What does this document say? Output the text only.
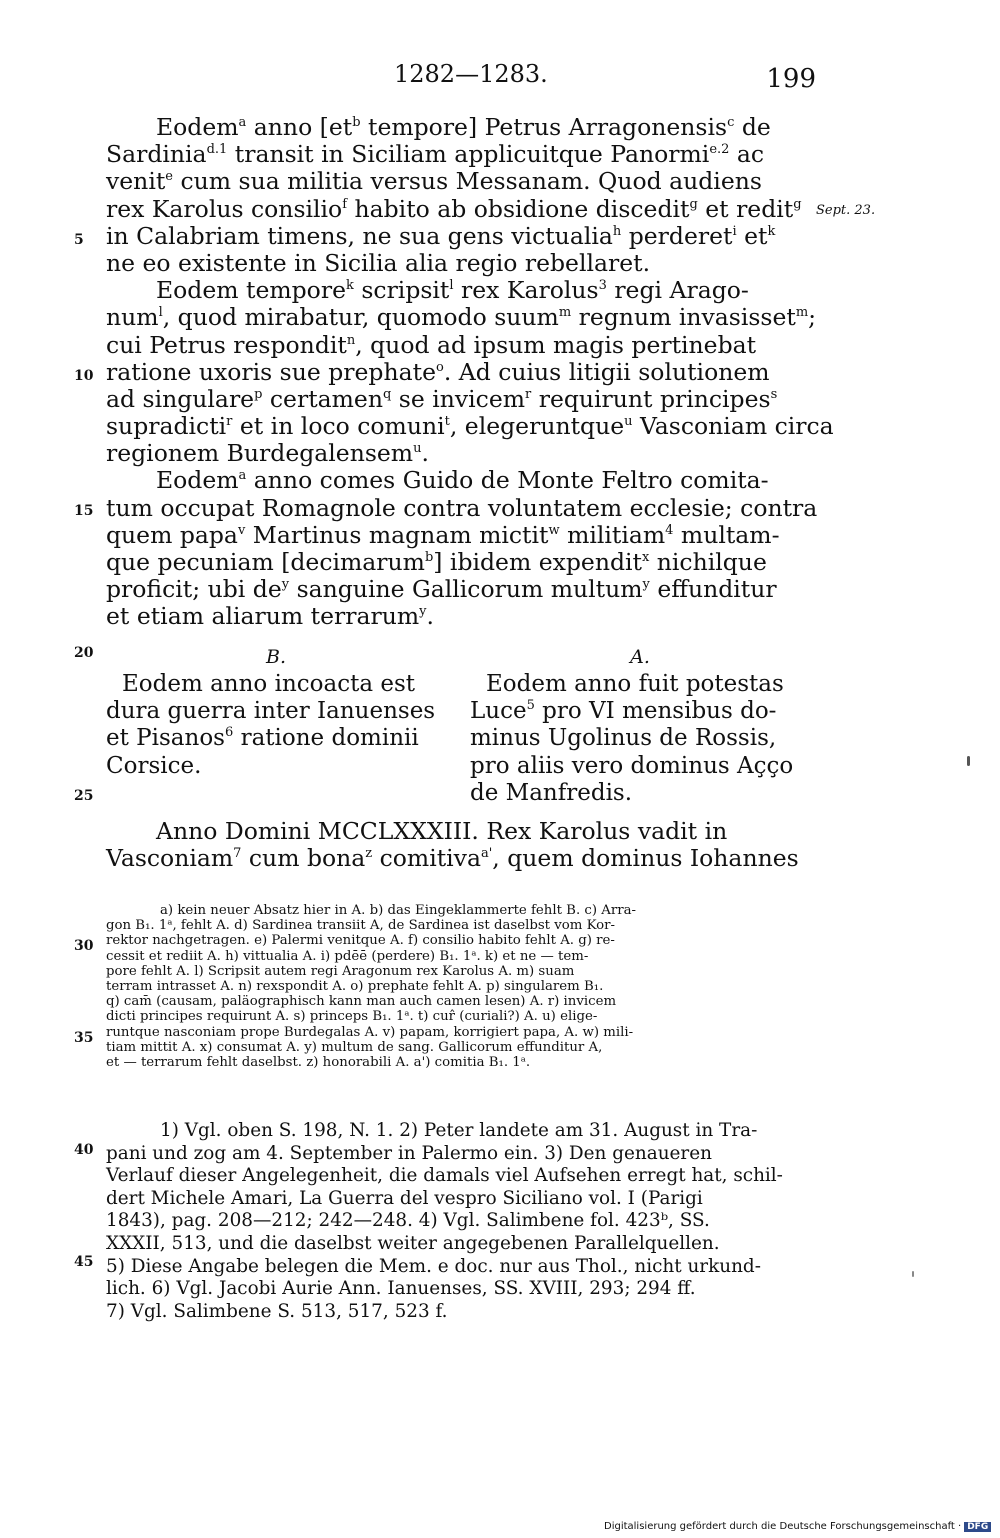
1282—1283.	199
Sept. 23.
5
10
15
20
25
30
35
40
45
Eodem$^a$ anno [$et^b$ tempore] Petrus Arragonensis$^c$ de
Sardinia$^{d.1}$ transit in Siciliam applicuitque Panormi$^{e.2}$ ac
venit$^e$ cum sua militia versus Messanam. Quod audiens
rex Karolus consilio$^f$ habito ab obsidione discedit$^g$ et redit$^g$
in Calabriam timens, ne sua gens victualia$^h$ perderet$^i$ $et^k$
ne eo existente in Sicilia alia regio rebellaret.
Eodem tempore$^k$ scripsit$^l$ rex Karolus$^3$ regi Arago-
num$^l$, quod mirabatur, quomodo suum$^m$ regnum invasisset$^m$;
cui Petrus respondit$^n$, quod ad ipsum magis pertinebat
ratione uxoris sue prephate$^o$. Ad cuius litigii solutionem
ad singulare$^p$ certamen$^q$ se invicem$^r$ requirunt principes$^s$
supradicti$^r$ et in loco comuni$^t$, elegeruntque$^u$ Vasconiam circa
regionem Burdegalensem$^u$.
Eodem$^a$ anno comes Guido de Monte Feltro comita-
tum occupat Romagnole contra voluntatem ecclesie; contra
quem papa$^v$ Martinus magnam mictit$^w$ militiam$^4$ multam-
que pecuniam [decimarum$^b$] ibidem expendit$^x$ nichilque
proficit; ubi $de^y$ sanguine Gallicorum multum$^y$ effunditur
et etiam aliarum terrarum$^y$.
B.
Eodem anno incoacta est
dura guerra inter Ianuenses
et Pisanos$^6$ ratione dominii
Corsice.
A.
Eodem anno fuit potestas
Luce$^5$ pro VI mensibus do-
minus Ugolinus de Rossis,
pro aliis vero dominus Açço
de Manfredis.
Anno Domini MCCLXXXIII. Rex Karolus vadit in
Vasconiam$^7$ cum bona$^z$ comitiva$^{a'}$, quem dominus Iohannes
a) kein neuer Absatz hier in A. b) das Eingeklammerte fehlt B. c) Arra-
gon B₁. 1ᵃ, fehlt A. d) Sardinea transiit A, de Sardinea ist daselbst vom Kor-
rektor nachgetragen. e) Palermi venitque A. f) consilio habito fehlt A. g) re-
cessit et rediit A. h) vittualia A. i) pdēē (perdere) B₁. 1ᵃ. k) et ne — tem-
pore fehlt A. l) Scripsit autem regi Aragonum rex Karolus A. m) suam
terram intrasset A. n) rexspondit A. o) prephate fehlt A. p) singularem B₁.
q) cam̄ (causam, paläographisch kann man auch camen lesen) A. r) invicem
dicti principes requirunt A. s) princeps B₁. 1ᵃ. t) cur̂ (curiali?) A. u) elige-
runtque nasconiam prope Burdegalas A. v) papam, korrigiert papa, A. w) mili-
tiam mittit A. x) consumat A. y) multum de sang. Gallicorum effunditur A,
et — terrarum fehlt daselbst. z) honorabili A. a') comitia B₁. 1ᵃ.
1) Vgl. oben S. 198, N. 1. 2) Peter landete am 31. August in Tra-
pani und zog am 4. September in Palermo ein. 3) Den genaueren
Verlauf dieser Angelegenheit, die damals viel Aufsehen erregt hat, schil-
dert Michele Amari, La Guerra del vespro Siciliano vol. I (Parigi
1843), pag. 208—212; 242—248. 4) Vgl. Salimbene fol. 423ᵇ, SS.
XXXII, 513, und die daselbst weiter angegebenen Parallelquellen.
5) Diese Angabe belegen die Mem. e doc. nur aus Thol., nicht urkund-
lich. 6) Vgl. Jacobi Aurie Ann. Ianuenses, SS. XVIII, 293; 294 ff.
7) Vgl. Salimbene S. 513, 517, 523 f.
Digitalisierung gefördert durch die Deutsche Forschungsgemeinschaft · DFG
